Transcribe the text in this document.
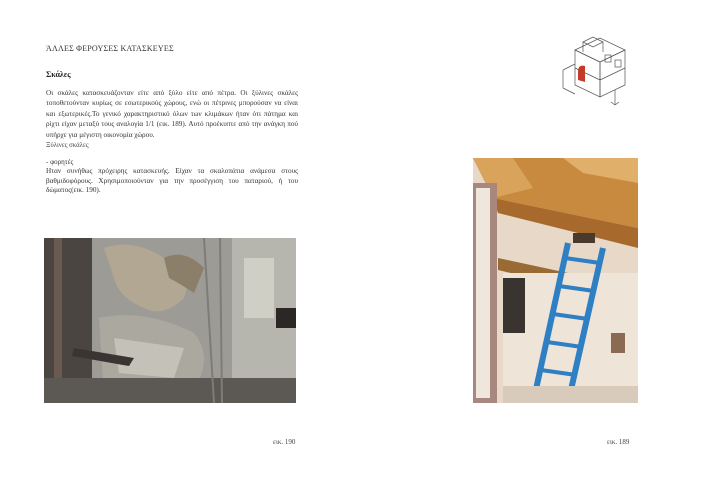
ΆΛΛΕΣ ΦΕΡΟΥΣΕΣ ΚΑΤΑΣΚΕΥΕΣ
Σκάλες
Οι σκάλες κατασκευάζονταν είτε από ξύλο είτε από πέτρα. Οι ξύλινες σκάλες τοποθετούνταν κυρίως σε εσωτερικούς χώρους, ενώ οι πέτρινες μπορούσαν να είναι και εξωτερικές.Το γενικό χαρακτηριστικό όλων των κλιμάκων ήταν ότι πάτημα και ρίχτι είχαν μεταξύ τους αναλογία 1/1 (εικ. 189). Αυτό προέκυπτε από την ανάγκη πού υπήρχε για μέγιστη οικονομία χώρου.
Ξύλινες σκάλες
- φορητές
Ηταν συνήθως πρόχειρης κατασκευής. Είχαν τα σκαλοπάτια ανάμεσα στους βαθμιδοφόρους. Χρησιμοποιούνταν για την προσέγγιση του παταριού, ή του δώματος(εικ. 190).
εικ. 190	εικ. 189
